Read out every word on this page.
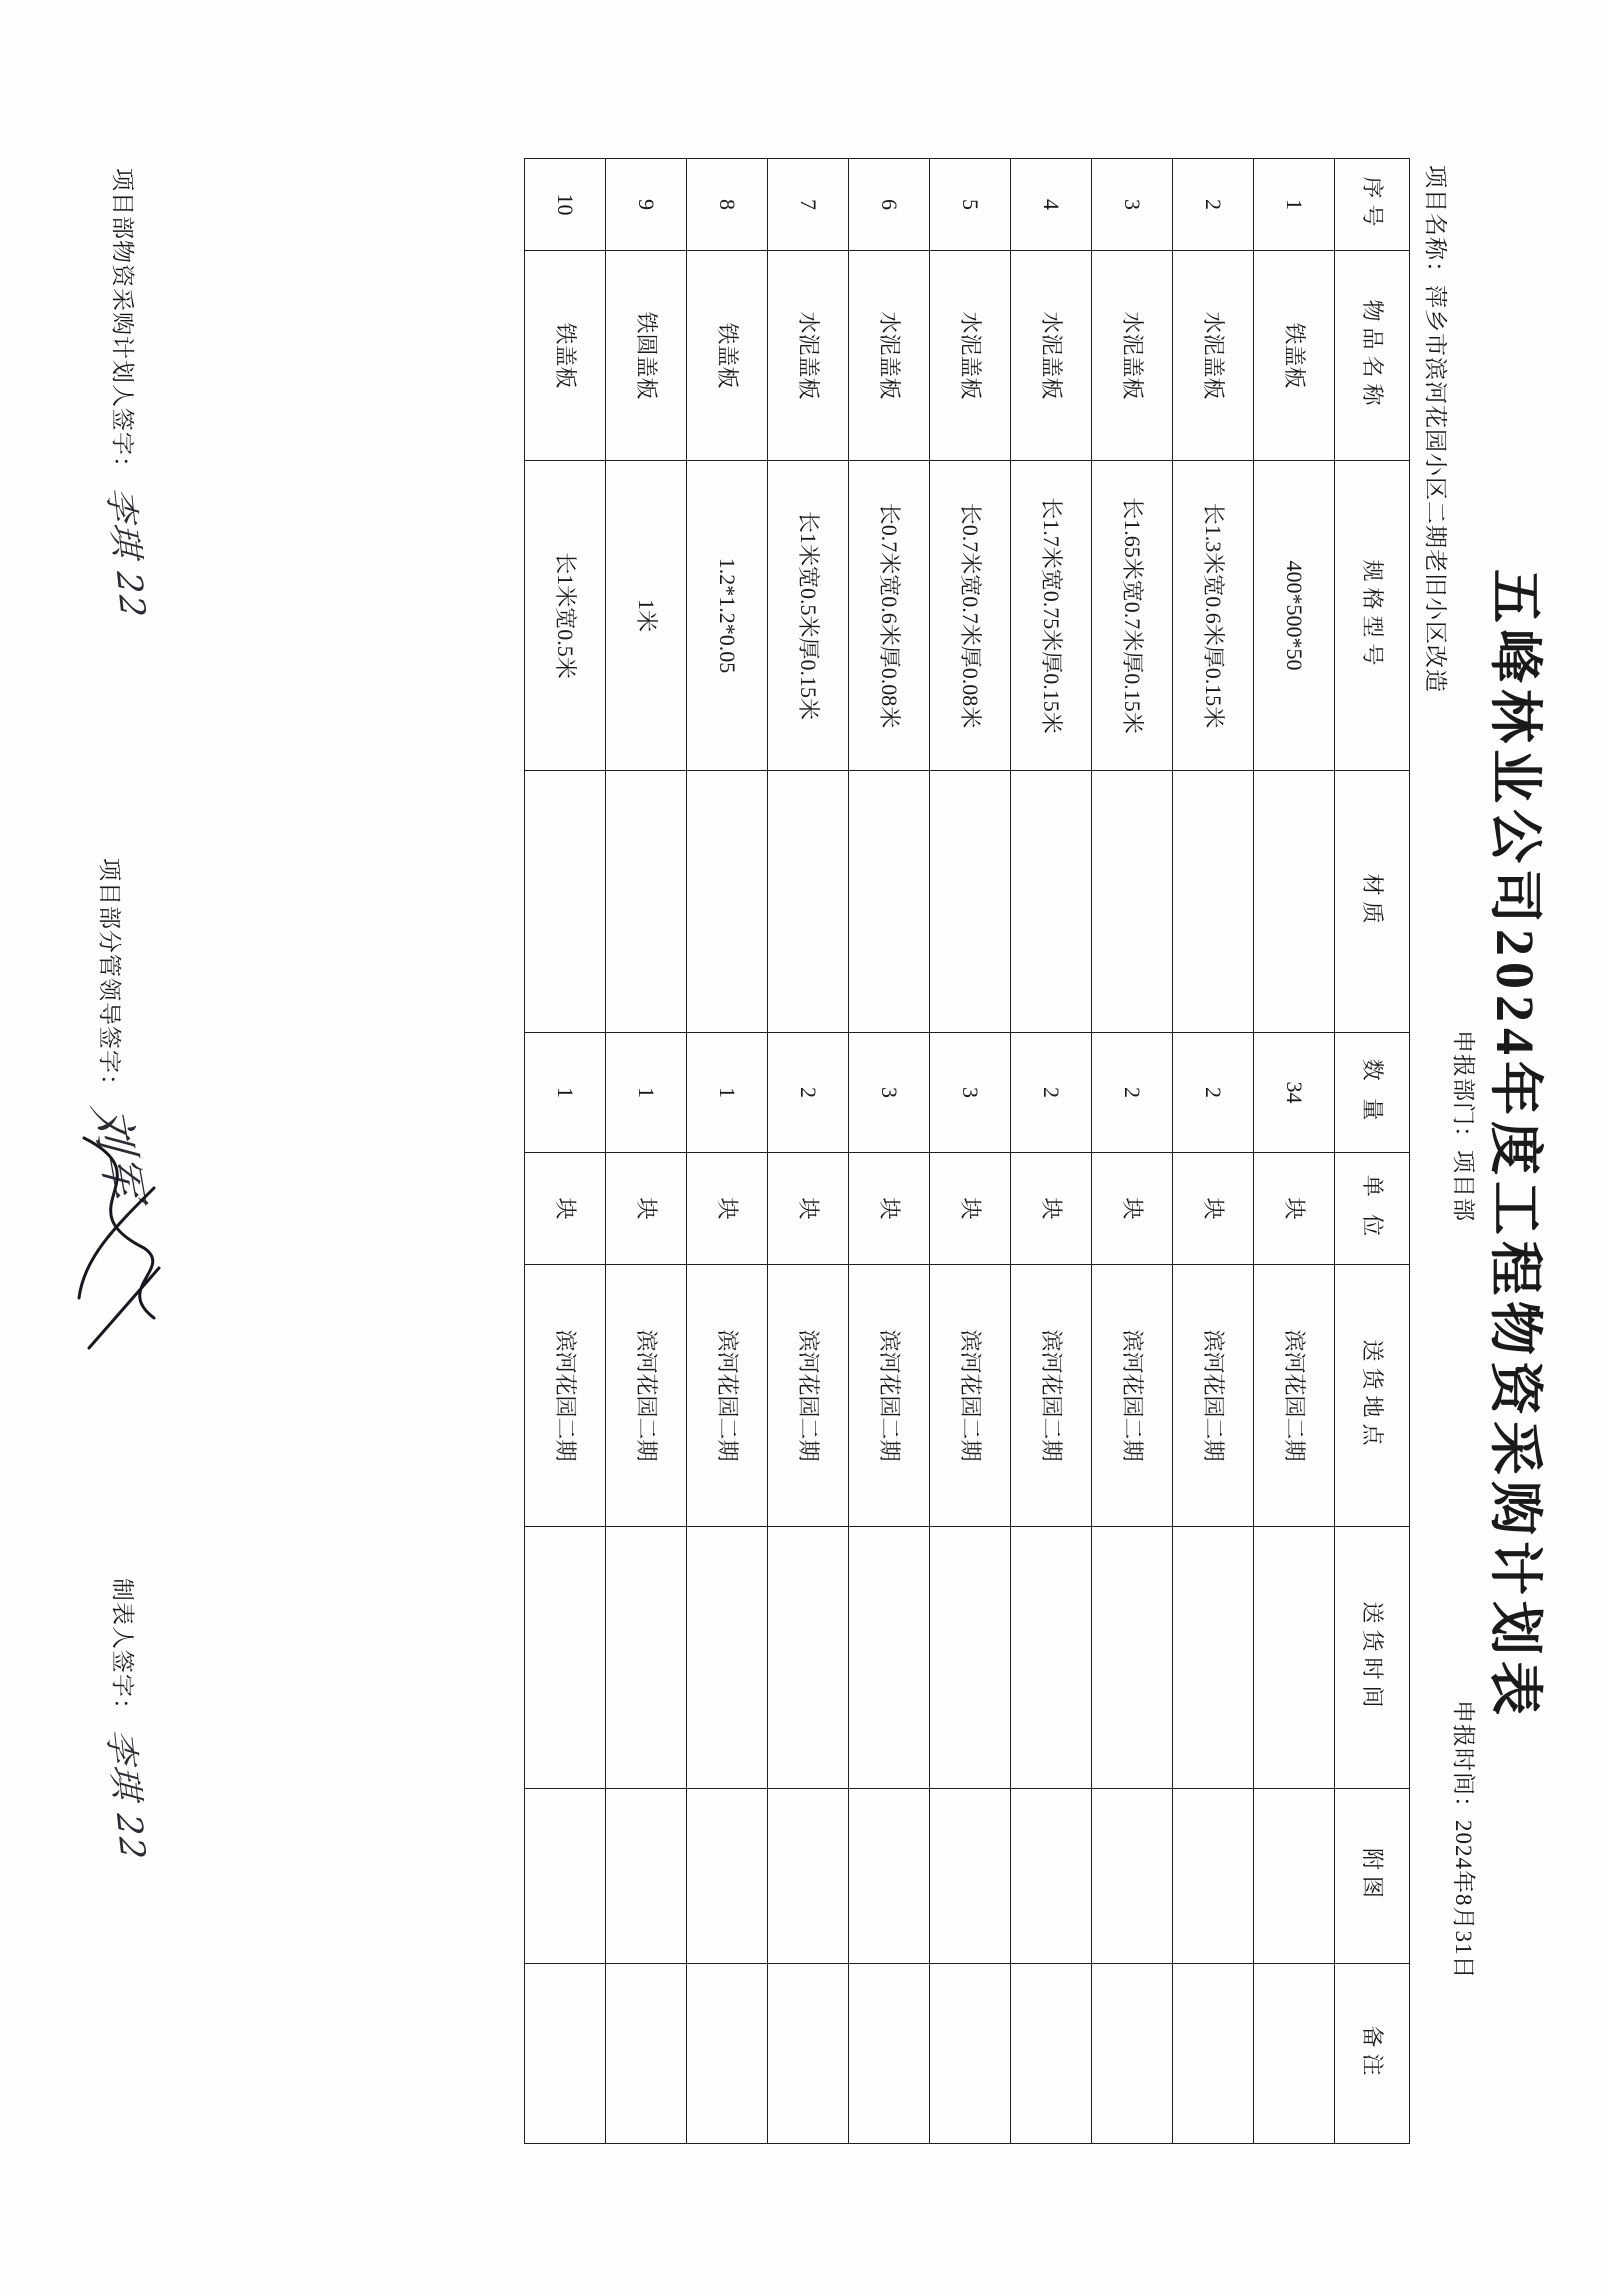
五峰林业公司2024年度工程物资采购计划表
项目名称：萍乡市滨河花园小区二期老旧小区改造
申报部门：项目部
申报时间：2024年8月31日
序号	物品名称	规格型号	材质	数 量	单 位	送货地点	送货时间	附图	备注
1	铁盖板	400*500*50		34	块	滨河花园二期			
2	水泥盖板	长1.3米宽0.6米厚0.15米		2	块	滨河花园二期			
3	水泥盖板	长1.65米宽0.7米厚0.15米		2	块	滨河花园二期			
4	水泥盖板	长1.7米宽0.75米厚0.15米		2	块	滨河花园二期			
5	水泥盖板	长0.7米宽0.7米厚0.08米		3	块	滨河花园二期			
6	水泥盖板	长0.7米宽0.6米厚0.08米		3	块	滨河花园二期			
7	水泥盖板	长1米宽0.5米厚0.15米		2	块	滨河花园二期			
8	铁盖板	1.2*1.2*0.05		1	块	滨河花园二期			
9	铁圆盖板	1米		1	块	滨河花园二期			
10	铁盖板	长1米宽0.5米		1	块	滨河花园二期			
项目部物资采购计划人签字： 李琪 22
项目部分管领导签字： 刘军
制表人签字： 李琪 22
